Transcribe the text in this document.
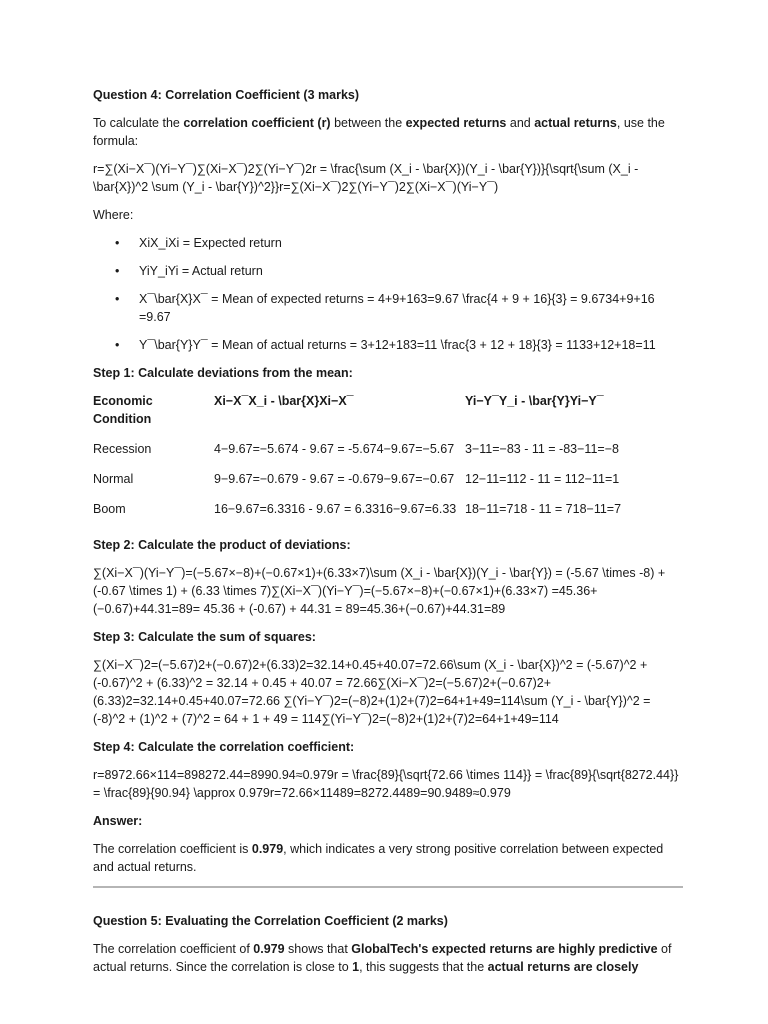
Question 4: Correlation Coefficient (3 marks)

To calculate the correlation coefficient (r) between the expected returns and actual returns, use the formula:

r=∑(Xi−X¯)(Yi−Y¯)∑(Xi−X¯)2∑(Yi−Y¯)2r = \frac{\sum (X_i - \bar{X})(Y_i - \bar{Y})}{\sqrt{\sum (X_i - \bar{X})^2 \sum (Y_i - \bar{Y})^2}}r=∑(Xi−X¯)2∑(Yi−Y¯)2∑(Xi−X¯)(Yi−Y¯)

Where:

• XiX_iXi = Expected return
• YiY_iYi = Actual return
• X¯\bar{X}X¯ = Mean of expected returns = 4+9+163=9.67 \frac{4 + 9 + 16}{3} = 9.6734+9+16 =9.67
• Y¯\bar{Y}Y¯ = Mean of actual returns = 3+12+183=11 \frac{3 + 12 + 18}{3} = 1133+12+18=11

Step 1: Calculate deviations from the mean:

Economic Condition	Xi−X¯X_i - \bar{X}Xi−X¯	Yi−Y¯Y_i - \bar{Y}Yi−Y¯
Recession	4−9.67=−5.674 - 9.67 = -5.674−9.67=−5.67	3−11=−83 - 11 = -83−11=−8
Normal	9−9.67=−0.679 - 9.67 = -0.679−9.67=−0.67	12−11=112 - 11 = 112−11=1
Boom	16−9.67=6.3316 - 9.67 = 6.3316−9.67=6.33	18−11=718 - 11 = 718−11=7

Step 2: Calculate the product of deviations:

∑(Xi−X¯)(Yi−Y¯)=(−5.67×−8)+(−0.67×1)+(6.33×7)\sum (X_i - \bar{X})(Y_i - \bar{Y}) = (-5.67 \times -8) + (-0.67 \times 1) + (6.33 \times 7)∑(Xi−X¯)(Yi−Y¯)=(−5.67×−8)+(−0.67×1)+(6.33×7) =45.36+(−0.67)+44.31=89= 45.36 + (-0.67) + 44.31 = 89=45.36+(−0.67)+44.31=89

Step 3: Calculate the sum of squares:

∑(Xi−X¯)2=(−5.67)2+(−0.67)2+(6.33)2=32.14+0.45+40.07=72.66\sum (X_i - \bar{X})^2 = (-5.67)^2 + (-0.67)^2 + (6.33)^2 = 32.14 + 0.45 + 40.07 = 72.66∑(Xi−X¯)2=(−5.67)2+(−0.67)2+(6.33)2=32.14+0.45+40.07=72.66 ∑(Yi−Y¯)2=(−8)2+(1)2+(7)2=64+1+49=114\sum (Y_i - \bar{Y})^2 = (-8)^2 + (1)^2 + (7)^2 = 64 + 1 + 49 = 114∑(Yi−Y¯)2=(−8)2+(1)2+(7)2=64+1+49=114

Step 4: Calculate the correlation coefficient:

r=8972.66×114=898272.44=8990.94≈0.979r = \frac{89}{\sqrt{72.66 \times 114}} = \frac{89}{\sqrt{8272.44}} = \frac{89}{90.94} \approx 0.979r=72.66×11489=8272.4489=90.9489≈0.979

Answer:

The correlation coefficient is 0.979, which indicates a very strong positive correlation between expected and actual returns.

Question 5: Evaluating the Correlation Coefficient (2 marks)

The correlation coefficient of 0.979 shows that GlobalTech's expected returns are highly predictive of actual returns. Since the correlation is close to 1, this suggests that the actual returns are closely
